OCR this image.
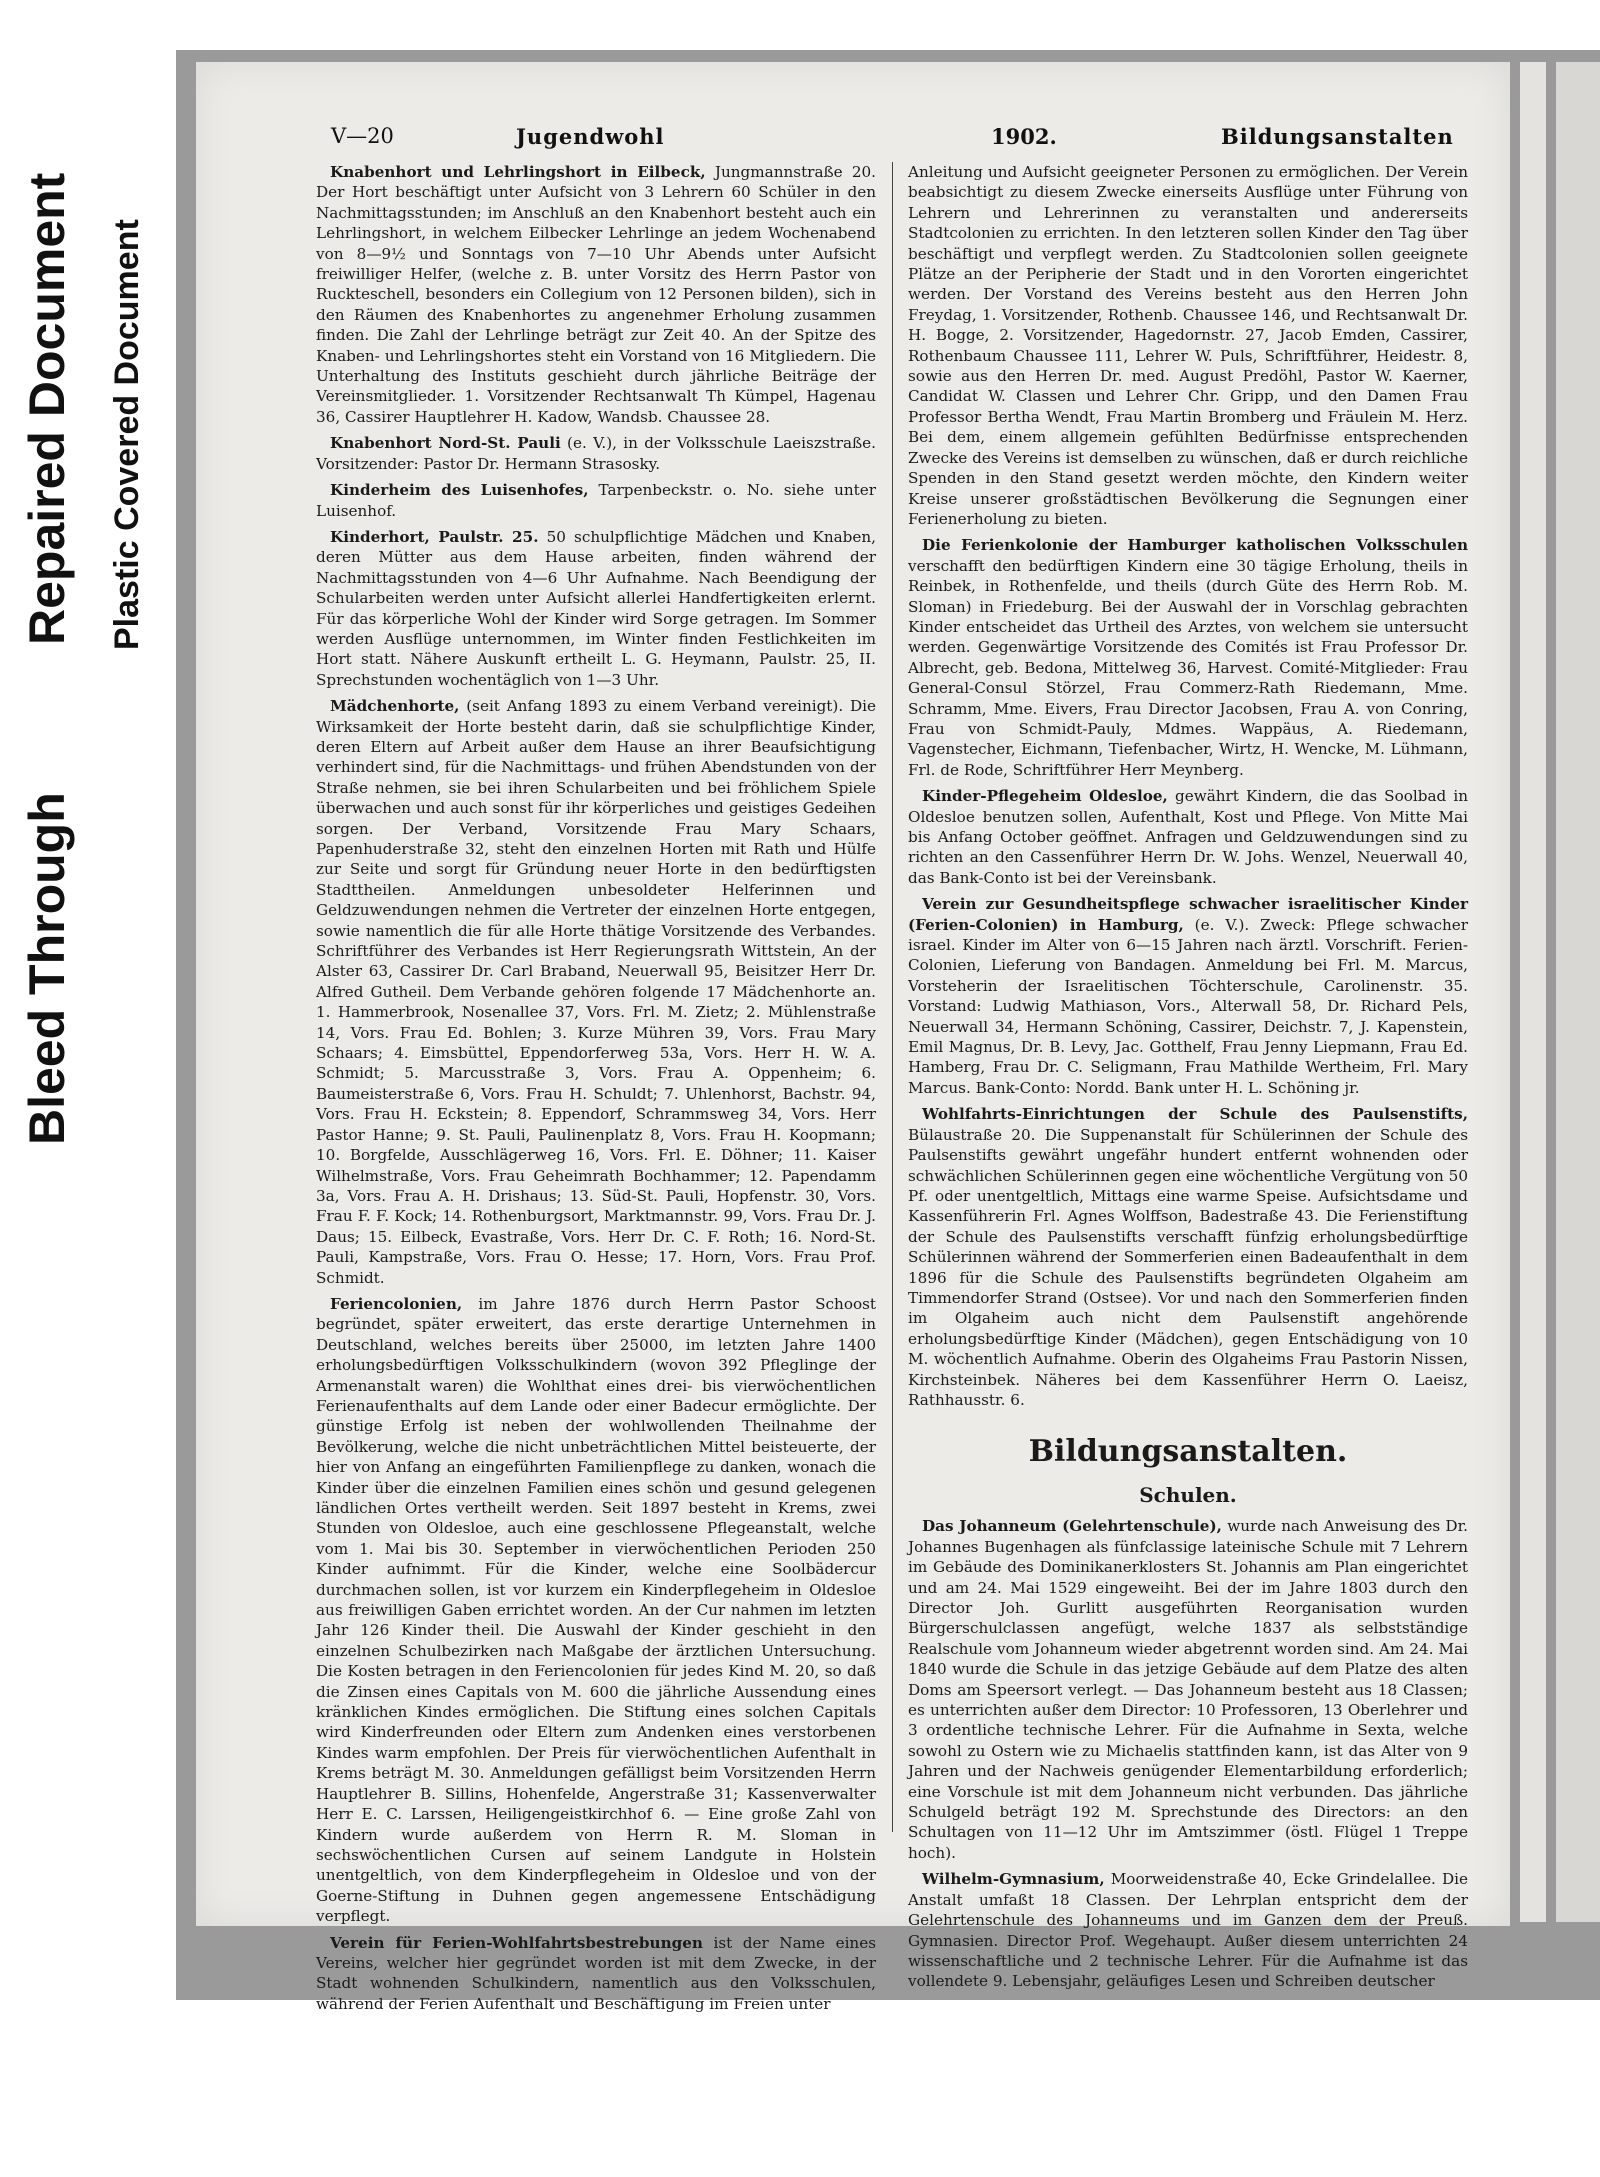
Bleed Through
Repaired Document Plastic Covered Document
V—20	Jugendwohl	1902.	Bildungsanstalten

Knabenhort und Lehrlingshort in Eilbeck, Jungmannstraße 20. Der Hort beschäftigt unter Aufsicht von 3 Lehrern 60 Schüler in den Nachmittagsstunden; im Anschluß an den Knabenhort besteht auch ein Lehrlingshort, in welchem Eilbecker Lehrlinge an jedem Wochenabend von 8—9½ und Sonntags von 7—10 Uhr Abends unter Aufsicht freiwilliger Helfer, (welche z. B. unter Vorsitz des Herrn Pastor von Ruckteschell, besonders ein Collegium von 12 Personen bilden), sich in den Räumen des Knabenhortes zu angenehmer Erholung zusammen finden. Die Zahl der Lehrlinge beträgt zur Zeit 40. An der Spitze des Knaben- und Lehrlingshortes steht ein Vorstand von 16 Mitgliedern. Die Unterhaltung des Instituts geschieht durch jährliche Beiträge der Vereinsmitglieder. 1. Vorsitzender Rechtsanwalt Th Kümpel, Hagenau 36, Cassirer Hauptlehrer H. Kadow, Wandsb. Chaussee 28.

Knabenhort Nord-St. Pauli (e. V.), in der Volksschule Laeiszstraße. Vorsitzender: Pastor Dr. Hermann Strasosky.

Kinderheim des Luisenhofes, Tarpenbeckstr. o. No. siehe unter Luisenhof.

Kinderhort, Paulstr. 25. 50 schulpflichtige Mädchen und Knaben, deren Mütter aus dem Hause arbeiten, finden während der Nachmittagsstunden von 4—6 Uhr Aufnahme. Nach Beendigung der Schularbeiten werden unter Aufsicht allerlei Handfertigkeiten erlernt. Für das körperliche Wohl der Kinder wird Sorge getragen. Im Sommer werden Ausflüge unternommen, im Winter finden Festlichkeiten im Hort statt. Nähere Auskunft ertheilt L. G. Heymann, Paulstr. 25, II. Sprechstunden wochentäglich von 1—3 Uhr.

Mädchenhorte, (seit Anfang 1893 zu einem Verband vereinigt). Die Wirksamkeit der Horte besteht darin, daß sie schulpflichtige Kinder, deren Eltern auf Arbeit außer dem Hause an ihrer Beaufsichtigung verhindert sind, für die Nachmittags- und frühen Abendstunden von der Straße nehmen, sie bei ihren Schularbeiten und bei fröhlichem Spiele überwachen und auch sonst für ihr körperliches und geistiges Gedeihen sorgen. Der Verband, Vorsitzende Frau Mary Schaars, Papenhuderstraße 32, steht den einzelnen Horten mit Rath und Hülfe zur Seite und sorgt für Gründung neuer Horte in den bedürftigsten Stadttheilen. Anmeldungen unbesoldeter Helferinnen und Geldzuwendungen nehmen die Vertreter der einzelnen Horte entgegen, sowie namentlich die für alle Horte thätige Vorsitzende des Verbandes. Schriftführer des Verbandes ist Herr Regierungsrath Wittstein, An der Alster 63, Cassirer Dr. Carl Braband, Neuerwall 95, Beisitzer Herr Dr. Alfred Gutheil. Dem Verbande gehören folgende 17 Mädchenhorte an. 1. Hammerbrook, Nosenallee 37, Vors. Frl. M. Zietz; 2. Mühlenstraße 14, Vors. Frau Ed. Bohlen; 3. Kurze Mühren 39, Vors. Frau Mary Schaars; 4. Eimsbüttel, Eppendorferweg 53a, Vors. Herr H. W. A. Schmidt; 5. Marcusstraße 3, Vors. Frau A. Oppenheim; 6. Baumeisterstraße 6, Vors. Frau H. Schuldt; 7. Uhlenhorst, Bachstr. 94, Vors. Frau H. Eckstein; 8. Eppendorf, Schrammsweg 34, Vors. Herr Pastor Hanne; 9. St. Pauli, Paulinenplatz 8, Vors. Frau H. Koopmann; 10. Borgfelde, Ausschlägerweg 16, Vors. Frl. E. Döhner; 11. Kaiser Wilhelmstraße, Vors. Frau Geheimrath Bochhammer; 12. Papendamm 3a, Vors. Frau A. H. Drishaus; 13. Süd-St. Pauli, Hopfenstr. 30, Vors. Frau F. F. Kock; 14. Rothenburgsort, Marktmannstr. 99, Vors. Frau Dr. J. Daus; 15. Eilbeck, Evastraße, Vors. Herr Dr. C. F. Roth; 16. Nord-St. Pauli, Kampstraße, Vors. Frau O. Hesse; 17. Horn, Vors. Frau Prof. Schmidt.

Feriencolonien, im Jahre 1876 durch Herrn Pastor Schoost begründet, später erweitert, das erste derartige Unternehmen in Deutschland, welches bereits über 25000, im letzten Jahre 1400 erholungsbedürftigen Volksschulkindern (wovon 392 Pfleglinge der Armenanstalt waren) die Wohlthat eines drei- bis vierwöchentlichen Ferienaufenthalts auf dem Lande oder einer Badecur ermöglichte. Der günstige Erfolg ist neben der wohlwollenden Theilnahme der Bevölkerung, welche die nicht unbeträchtlichen Mittel beisteuerte, der hier von Anfang an eingeführten Familienpflege zu danken, wonach die Kinder über die einzelnen Familien eines schön und gesund gelegenen ländlichen Ortes vertheilt werden. Seit 1897 besteht in Krems, zwei Stunden von Oldesloe, auch eine geschlossene Pflegeanstalt, welche vom 1. Mai bis 30. September in vierwöchentlichen Perioden 250 Kinder aufnimmt. Für die Kinder, welche eine Soolbädercur durchmachen sollen, ist vor kurzem ein Kinderpflegeheim in Oldesloe aus freiwilligen Gaben errichtet worden. An der Cur nahmen im letzten Jahr 126 Kinder theil. Die Auswahl der Kinder geschieht in den einzelnen Schulbezirken nach Maßgabe der ärztlichen Untersuchung. Die Kosten betragen in den Feriencolonien für jedes Kind M. 20, so daß die Zinsen eines Capitals von M. 600 die jährliche Aussendung eines kränklichen Kindes ermöglichen. Die Stiftung eines solchen Capitals wird Kinderfreunden oder Eltern zum Andenken eines verstorbenen Kindes warm empfohlen. Der Preis für vierwöchentlichen Aufenthalt in Krems beträgt M. 30. Anmeldungen gefälligst beim Vorsitzenden Herrn Hauptlehrer B. Sillins, Hohenfelde, Angerstraße 31; Kassenverwalter Herr E. C. Larssen, Heiligengeistkirchhof 6. — Eine große Zahl von Kindern wurde außerdem von Herrn R. M. Sloman in sechswöchentlichen Cursen auf seinem Landgute in Holstein unentgeltlich, von dem Kinderpflegeheim in Oldesloe und von der Goerne-Stiftung in Duhnen gegen angemessene Entschädigung verpflegt.

Verein für Ferien-Wohlfahrtsbestrebungen ist der Name eines Vereins, welcher hier gegründet worden ist mit dem Zwecke, in der Stadt wohnenden Schulkindern, namentlich aus den Volksschulen, während der Ferien Aufenthalt und Beschäftigung im Freien unter

Anleitung und Aufsicht geeigneter Personen zu ermöglichen. Der Verein beabsichtigt zu diesem Zwecke einerseits Ausflüge unter Führung von Lehrern und Lehrerinnen zu veranstalten und andererseits Stadtcolonien zu errichten. In den letzteren sollen Kinder den Tag über beschäftigt und verpflegt werden. Zu Stadtcolonien sollen geeignete Plätze an der Peripherie der Stadt und in den Vororten eingerichtet werden. Der Vorstand des Vereins besteht aus den Herren John Freydag, 1. Vorsitzender, Rothenb. Chaussee 146, und Rechtsanwalt Dr. H. Bogge, 2. Vorsitzender, Hagedornstr. 27, Jacob Emden, Cassirer, Rothenbaum Chaussee 111, Lehrer W. Puls, Schriftführer, Heidestr. 8, sowie aus den Herren Dr. med. August Predöhl, Pastor W. Kaerner, Candidat W. Classen und Lehrer Chr. Gripp, und den Damen Frau Professor Bertha Wendt, Frau Martin Bromberg und Fräulein M. Herz. Bei dem, einem allgemein gefühlten Bedürfnisse entsprechenden Zwecke des Vereins ist demselben zu wünschen, daß er durch reichliche Spenden in den Stand gesetzt werden möchte, den Kindern weiter Kreise unserer großstädtischen Bevölkerung die Segnungen einer Ferienerholung zu bieten.

Die Ferienkolonie der Hamburger katholischen Volksschulen verschafft den bedürftigen Kindern eine 30 tägige Erholung, theils in Reinbek, in Rothenfelde, und theils (durch Güte des Herrn Rob. M. Sloman) in Friedeburg. Bei der Auswahl der in Vorschlag gebrachten Kinder entscheidet das Urtheil des Arztes, von welchem sie untersucht werden. Gegenwärtige Vorsitzende des Comités ist Frau Professor Dr. Albrecht, geb. Bedona, Mittelweg 36, Harvest. Comité-Mitglieder: Frau General-Consul Störzel, Frau Commerz-Rath Riedemann, Mme. Schramm, Mme. Eivers, Frau Director Jacobsen, Frau A. von Conring, Frau von Schmidt-Pauly, Mdmes. Wappäus, A. Riedemann, Vagenstecher, Eichmann, Tiefenbacher, Wirtz, H. Wencke, M. Lühmann, Frl. de Rode, Schriftführer Herr Meynberg.

Kinder-Pflegeheim Oldesloe, gewährt Kindern, die das Soolbad in Oldesloe benutzen sollen, Aufenthalt, Kost und Pflege. Von Mitte Mai bis Anfang October geöffnet. Anfragen und Geldzuwendungen sind zu richten an den Cassenführer Herrn Dr. W. Johs. Wenzel, Neuerwall 40, das Bank-Conto ist bei der Vereinsbank.

Verein zur Gesundheitspflege schwacher israelitischer Kinder (Ferien-Colonien) in Hamburg, (e. V.). Zweck: Pflege schwacher israel. Kinder im Alter von 6—15 Jahren nach ärztl. Vorschrift. Ferien-Colonien, Lieferung von Bandagen. Anmeldung bei Frl. M. Marcus, Vorsteherin der Israelitischen Töchterschule, Carolinenstr. 35. Vorstand: Ludwig Mathiason, Vors., Alterwall 58, Dr. Richard Pels, Neuerwall 34, Hermann Schöning, Cassirer, Deichstr. 7, J. Kapenstein, Emil Magnus, Dr. B. Levy, Jac. Gotthelf, Frau Jenny Liepmann, Frau Ed. Hamberg, Frau Dr. C. Seligmann, Frau Mathilde Wertheim, Frl. Mary Marcus. Bank-Conto: Nordd. Bank unter H. L. Schöning jr.

Wohlfahrts-Einrichtungen der Schule des Paulsenstifts, Bülaustraße 20. Die Suppenanstalt für Schülerinnen der Schule des Paulsenstifts gewährt ungefähr hundert entfernt wohnenden oder schwächlichen Schülerinnen gegen eine wöchentliche Vergütung von 50 Pf. oder unentgeltlich, Mittags eine warme Speise. Aufsichtsdame und Kassenführerin Frl. Agnes Wolffson, Badestraße 43. Die Ferienstiftung der Schule des Paulsenstifts verschafft fünfzig erholungsbedürftige Schülerinnen während der Sommerferien einen Badeaufenthalt in dem 1896 für die Schule des Paulsenstifts begründeten Olgaheim am Timmendorfer Strand (Ostsee). Vor und nach den Sommerferien finden im Olgaheim auch nicht dem Paulsenstift angehörende erholungsbedürftige Kinder (Mädchen), gegen Entschädigung von 10 M. wöchentlich Aufnahme. Oberin des Olgaheims Frau Pastorin Nissen, Kirchsteinbek. Näheres bei dem Kassenführer Herrn O. Laeisz, Rathhausstr. 6.

Bildungsanstalten.
Schulen.

Das Johanneum (Gelehrtenschule), wurde nach Anweisung des Dr. Johannes Bugenhagen als fünfclassige lateinische Schule mit 7 Lehrern im Gebäude des Dominikanerklosters St. Johannis am Plan eingerichtet und am 24. Mai 1529 eingeweiht. Bei der im Jahre 1803 durch den Director Joh. Gurlitt ausgeführten Reorganisation wurden Bürgerschulclassen angefügt, welche 1837 als selbstständige Realschule vom Johanneum wieder abgetrennt worden sind. Am 24. Mai 1840 wurde die Schule in das jetzige Gebäude auf dem Platze des alten Doms am Speersort verlegt. — Das Johanneum besteht aus 18 Classen; es unterrichten außer dem Director: 10 Professoren, 13 Oberlehrer und 3 ordentliche technische Lehrer. Für die Aufnahme in Sexta, welche sowohl zu Ostern wie zu Michaelis stattfinden kann, ist das Alter von 9 Jahren und der Nachweis genügender Elementarbildung erforderlich; eine Vorschule ist mit dem Johanneum nicht verbunden. Das jährliche Schulgeld beträgt 192 M. Sprechstunde des Directors: an den Schultagen von 11—12 Uhr im Amtszimmer (östl. Flügel 1 Treppe hoch).

Wilhelm-Gymnasium, Moorweidenstraße 40, Ecke Grindelallee. Die Anstalt umfaßt 18 Classen. Der Lehrplan entspricht dem der Gelehrtenschule des Johanneums und im Ganzen dem der Preuß. Gymnasien. Director Prof. Wegehaupt. Außer diesem unterrichten 24 wissenschaftliche und 2 technische Lehrer. Für die Aufnahme ist das vollendete 9. Lebensjahr, geläufiges Lesen und Schreiben deutscher
